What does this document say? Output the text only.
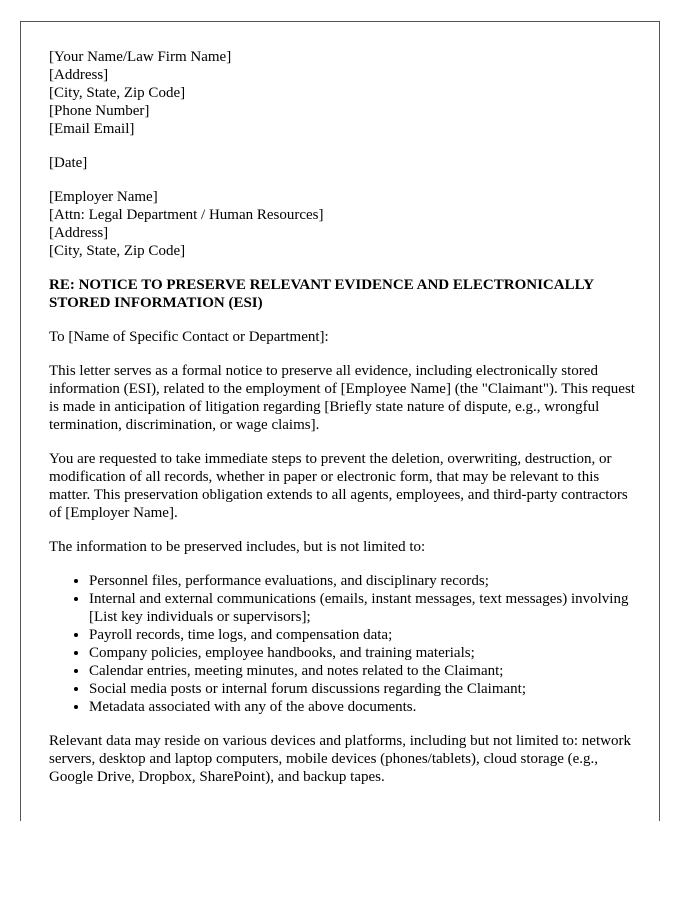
[Your Name/Law Firm Name]
[Address]
[City, State, Zip Code]
[Phone Number]
[Email Email]
[Date]
[Employer Name]
[Attn: Legal Department / Human Resources]
[Address]
[City, State, Zip Code]
RE: NOTICE TO PRESERVE RELEVANT EVIDENCE AND ELECTRONICALLY STORED INFORMATION (ESI)

To [Name of Specific Contact or Department]:

This letter serves as a formal notice to preserve all evidence, including electronically stored information (ESI), related to the employment of [Employee Name] (the "Claimant"). This request is made in anticipation of litigation regarding [Briefly state nature of dispute, e.g., wrongful termination, discrimination, or wage claims].

You are requested to take immediate steps to prevent the deletion, overwriting, destruction, or modification of all records, whether in paper or electronic form, that may be relevant to this matter. This preservation obligation extends to all agents, employees, and third-party contractors of [Employer Name].

The information to be preserved includes, but is not limited to:

• Personnel files, performance evaluations, and disciplinary records;
• Internal and external communications (emails, instant messages, text messages) involving [List key individuals or supervisors];
• Payroll records, time logs, and compensation data;
• Company policies, employee handbooks, and training materials;
• Calendar entries, meeting minutes, and notes related to the Claimant;
• Social media posts or internal forum discussions regarding the Claimant;
• Metadata associated with any of the above documents.

Relevant data may reside on various devices and platforms, including but not limited to: network servers, desktop and laptop computers, mobile devices (phones/tablets), cloud storage (e.g., Google Drive, Dropbox, SharePoint), and backup tapes.
